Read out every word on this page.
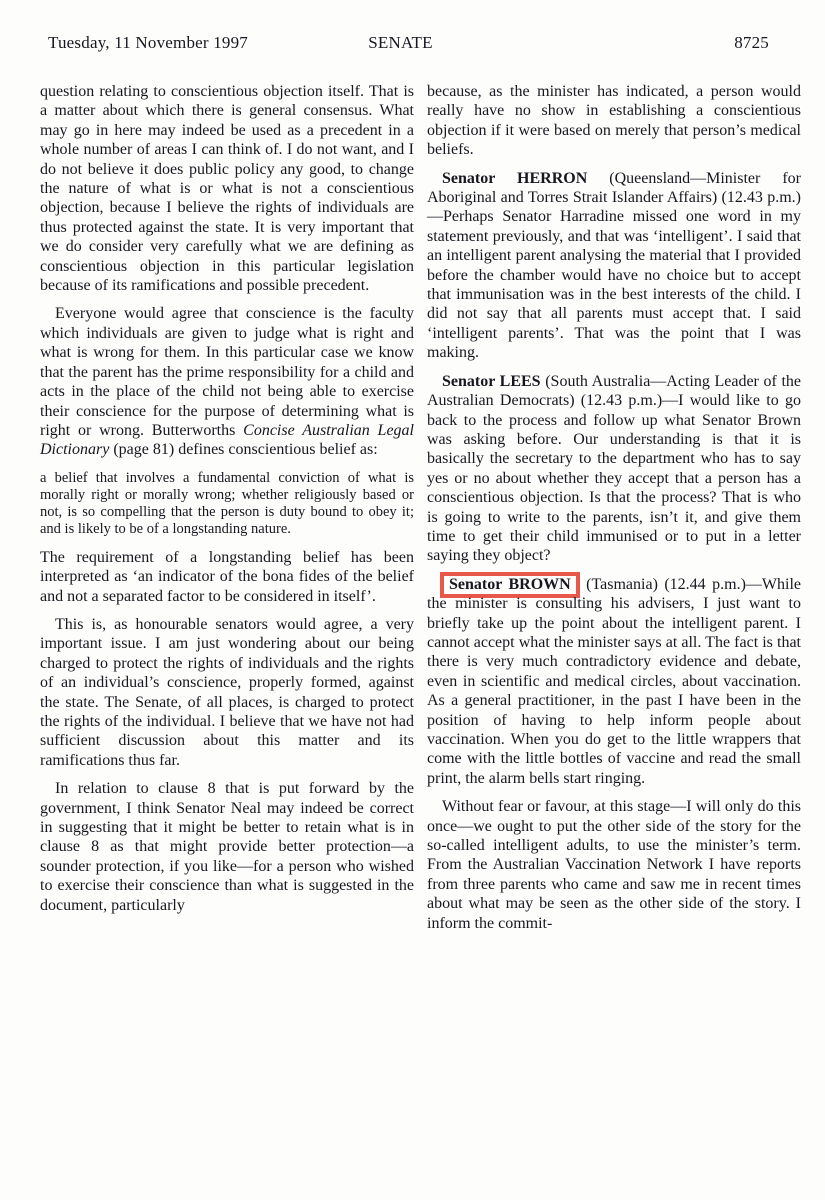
Tuesday, 11 November 1997	SENATE	8725

question relating to conscientious objection itself. That is a matter about which there is general consensus. What may go in here may indeed be used as a precedent in a whole number of areas I can think of. I do not want, and I do not believe it does public policy any good, to change the nature of what is or what is not a conscientious objection, because I believe the rights of individuals are thus protected against the state. It is very important that we do consider very carefully what we are defining as conscientious objection in this particular legislation because of its ramifications and possible precedent.

Everyone would agree that conscience is the faculty which individuals are given to judge what is right and what is wrong for them. In this particular case we know that the parent has the prime responsibility for a child and acts in the place of the child not being able to exercise their conscience for the purpose of determining what is right or wrong. Butterworths Concise Australian Legal Dictionary (page 81) defines conscientious belief as:

a belief that involves a fundamental conviction of what is morally right or morally wrong; whether religiously based or not, is so compelling that the person is duty bound to obey it; and is likely to be of a longstanding nature.

The requirement of a longstanding belief has been interpreted as ‘an indicator of the bona fides of the belief and not a separated factor to be considered in itself’.

This is, as honourable senators would agree, a very important issue. I am just wondering about our being charged to protect the rights of individuals and the rights of an individual’s conscience, properly formed, against the state. The Senate, of all places, is charged to protect the rights of the individual. I believe that we have not had sufficient discussion about this matter and its ramifications thus far.

In relation to clause 8 that is put forward by the government, I think Senator Neal may indeed be correct in suggesting that it might be better to retain what is in clause 8 as that might provide better protection—a sounder protection, if you like—for a person who wished to exercise their conscience than what is suggested in the document, particularly

because, as the minister has indicated, a person would really have no show in establishing a conscientious objection if it were based on merely that person’s medical beliefs.

Senator HERRON (Queensland—Minister for Aboriginal and Torres Strait Islander Affairs) (12.43 p.m.)—Perhaps Senator Harradine missed one word in my statement previously, and that was ‘intelligent’. I said that an intelligent parent analysing the material that I provided before the chamber would have no choice but to accept that immunisation was in the best interests of the child. I did not say that all parents must accept that. I said ‘intelligent parents’. That was the point that I was making.

Senator LEES (South Australia—Acting Leader of the Australian Democrats) (12.43 p.m.)—I would like to go back to the process and follow up what Senator Brown was asking before. Our understanding is that it is basically the secretary to the department who has to say yes or no about whether they accept that a person has a conscientious objection. Is that the process? That is who is going to write to the parents, isn’t it, and give them time to get their child immunised or to put in a letter saying they object?

Senator BROWN (Tasmania) (12.44 p.m.)—While the minister is consulting his advisers, I just want to briefly take up the point about the intelligent parent. I cannot accept what the minister says at all. The fact is that there is very much contradictory evidence and debate, even in scientific and medical circles, about vaccination. As a general practitioner, in the past I have been in the position of having to help inform people about vaccination. When you do get to the little wrappers that come with the little bottles of vaccine and read the small print, the alarm bells start ringing.

Without fear or favour, at this stage—I will only do this once—we ought to put the other side of the story for the so-called intelligent adults, to use the minister’s term. From the Australian Vaccination Network I have reports from three parents who came and saw me in recent times about what may be seen as the other side of the story. I inform the commit-
